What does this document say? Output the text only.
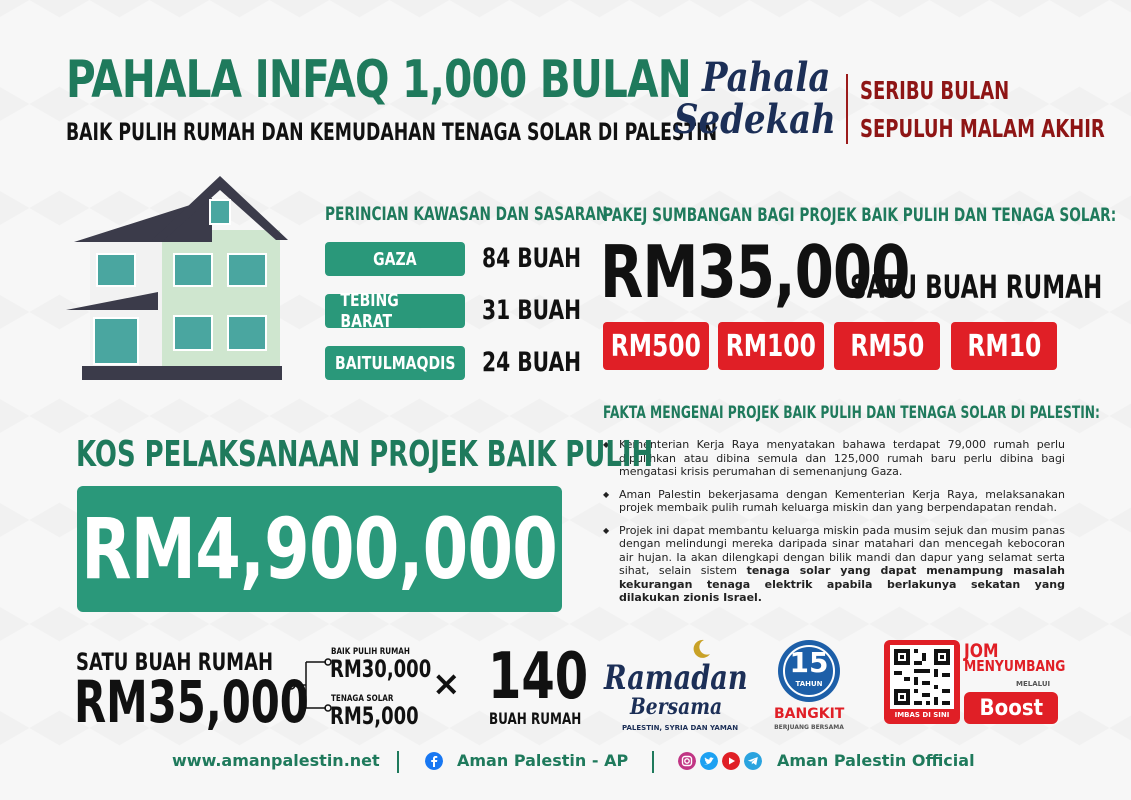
PAHALA INFAQ 1,000 BULAN
BAIK PULIH RUMAH DAN KEMUDAHAN TENAGA SOLAR DI PALESTIN
Pahala
Sedekah
SERIBU BULAN
SEPULUH MALAM AKHIR
PERINCIAN KAWASAN DAN SASARAN
GAZA 84 BUAH
TEBING BARAT	31 BUAH
BAITULMAQDIS 24 BUAH
PAKEJ SUMBANGAN BAGI PROJEK BAIK PULIH DAN TENAGA SOLAR:
RM35,000
SATU BUAH RUMAH
RM500 RM100 RM50 RM10
FAKTA MENGENAI PROJEK BAIK PULIH DAN TENAGA SOLAR DI PALESTIN:
◆ Kementerian Kerja Raya menyatakan bahawa terdapat 79,000 rumah perlu dipulihkan atau dibina semula dan 125,000 rumah baru perlu dibina bagi mengatasi krisis perumahan di semenanjung Gaza.
◆ Aman Palestin bekerjasama dengan Kementerian Kerja Raya, melaksanakan projek membaik pulih rumah keluarga miskin dan yang berpendapatan rendah.
◆ Projek ini dapat membantu keluarga miskin pada musim sejuk dan musim panas dengan melindungi mereka daripada sinar matahari dan mencegah kebocoran air hujan. Ia akan dilengkapi dengan bilik mandi dan dapur yang selamat serta sihat, selain sistem tenaga solar yang dapat menampung masalah kekurangan tenaga elektrik apabila berlakunya sekatan yang dilakukan zionis Israel.
KOS PELAKSANAAN PROJEK BAIK PULIH
RM4,900,000
SATU BUAH RUMAH
RM35,000
BAIK PULIH RUMAH
RM30,000
TENAGA SOLAR
RM5,000
× 140
BUAH RUMAH
Ramadan
Bersama
PALESTIN, SYRIA DAN YAMAN
15
TAHUN
BANGKIT
BERJUANG BERSAMA
IMBAS DI SINI
JOM
MENYUMBANG
MELALUI
Boost
www.amanpalestin.net	Aman Palestin - AP	Aman Palestin Official
